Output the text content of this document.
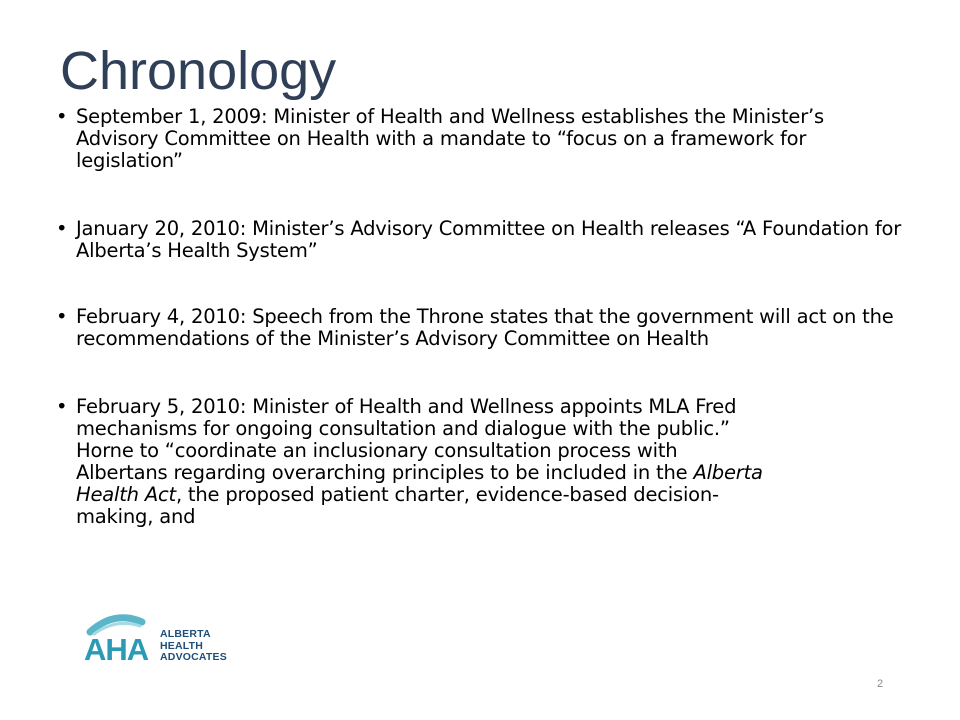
Chronology
• September 1, 2009: Minister of Health and Wellness establishes the Minister’s Advisory Committee on Health with a mandate to “focus on a framework for legislation”
• January 20, 2010: Minister’s Advisory Committee on Health releases “A Foundation for Alberta’s Health System”
• February 4, 2010: Speech from the Throne states that the government will act on the recommendations of the Minister’s Advisory Committee on Health
• February 5, 2010: Minister of Health and Wellness appoints MLA Fred
mechanisms for ongoing consultation and dialogue with the public.”
Horne to “coordinate an inclusionary consultation process with
Albertans regarding overarching principles to be included in the Alberta
Health Act, the proposed patient charter, evidence-based decision-
making, and
AHA ALBERTA
HEALTH
ADVOCATES
2
